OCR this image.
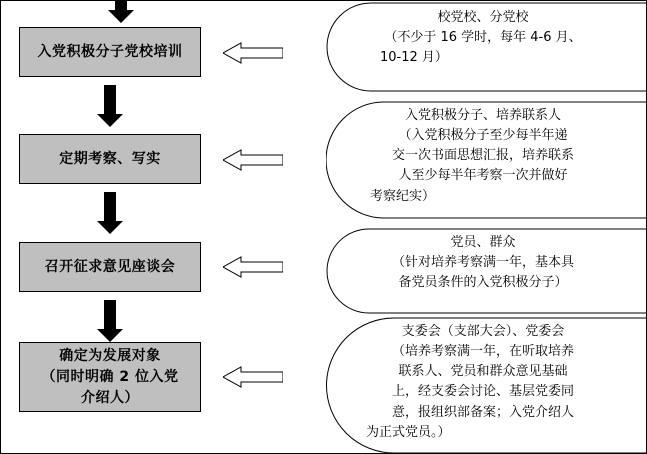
入党积极分子党校培训
定期考察、写实
召开征求意见座谈会
确定为发展对象
（同时明确 2 位入党
介绍人）
校党校、分党校
（不少于 16 学时，每年 4-6 月、
10-12 月）
入党积极分子、培养联系人
（入党积极分子至少每半年递
交一次书面思想汇报，培养联系
人至少每半年考察一次并做好
考察纪实）
党员、群众
（针对培养考察满一年，基本具
备党员条件的入党积极分子）
支委会（支部大会）、党委会
（培养考察满一年，在听取培养
联系人、党员和群众意见基础
上，经支委会讨论、基层党委同
意，报组织部备案；入党介绍人
为正式党员。）
